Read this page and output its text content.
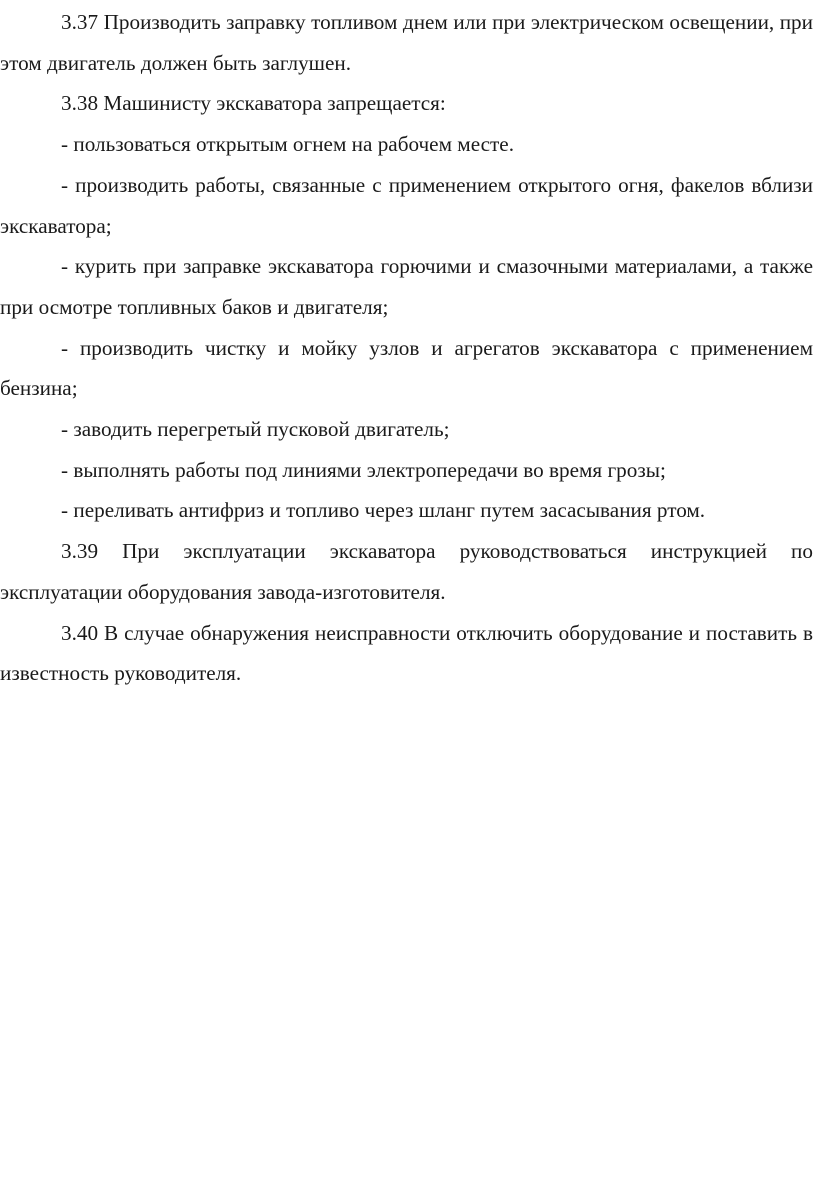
3.37 Производить заправку топливом днем или при электрическом освещении, при этом двигатель должен быть заглушен.

3.38 Машинисту экскаватора запрещается:

- пользоваться открытым огнем на рабочем месте.

- производить работы, связанные с применением открытого огня, факелов вблизи экскаватора;

- курить при заправке экскаватора горючими и смазочными материалами, а также при осмотре топливных баков и двигателя;

- производить чистку и мойку узлов и агрегатов экскаватора с применением бензина;

- заводить перегретый пусковой двигатель;

- выполнять работы под линиями электропередачи во время грозы;

- переливать антифриз и топливо через шланг путем засасывания ртом.

3.39 При эксплуатации экскаватора руководствоваться инструкцией по эксплуатации оборудования завода-изготовителя.

3.40 В случае обнаружения неисправности отключить оборудование и поставить в известность руководителя.
